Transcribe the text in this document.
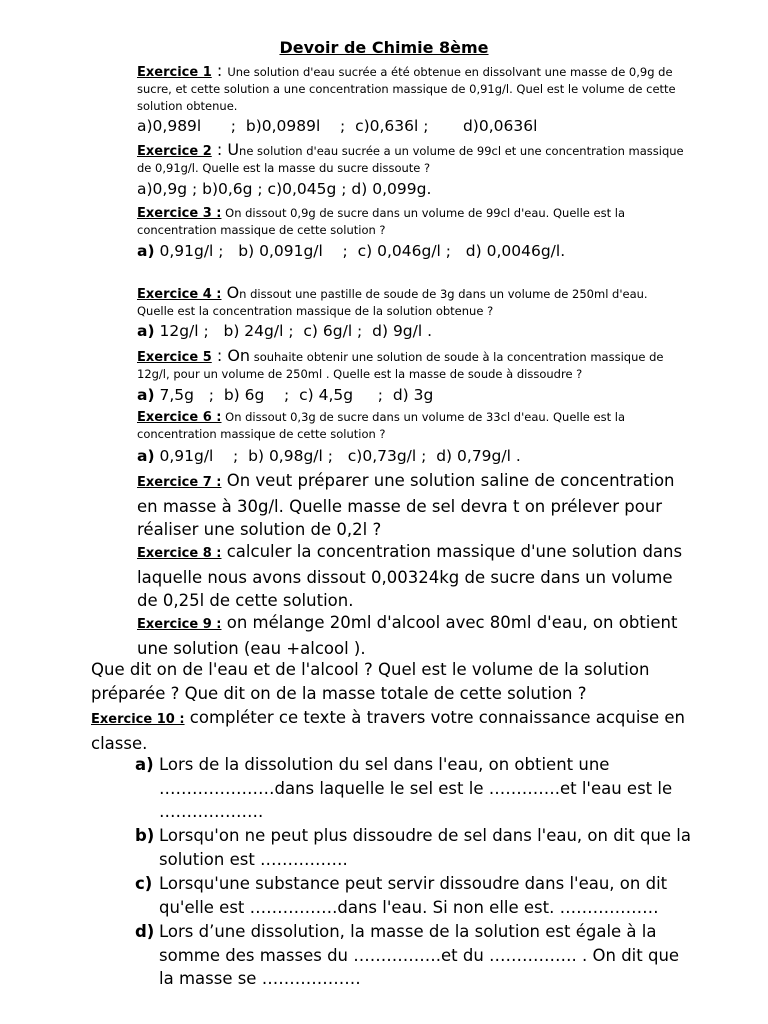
Devoir de Chimie 8ème
Exercice 1 : Une solution d'eau sucrée a été obtenue en dissolvant une masse de 0,9g de sucre, et cette solution a une concentration massique de 0,91g/l. Quel est le volume de cette solution obtenue.
a)0,989l      ;  b)0,0989l    ;  c)0,636l ;       d)0,0636l
Exercice 2 : Une solution d'eau sucrée a un volume de 99cl et une concentration massique de 0,91g/l. Quelle est la masse du sucre dissoute ?
a)0,9g ; b)0,6g ; c)0,045g ; d) 0,099g.
Exercice 3 : On dissout 0,9g de sucre dans un volume de 99cl d'eau. Quelle est la concentration massique de cette solution ?
a) 0,91g/l ;   b) 0,091g/l    ;  c) 0,046g/l ;   d) 0,0046g/l.
Exercice 4 : On dissout une pastille de soude de 3g dans un volume de 250ml d'eau. Quelle est la concentration massique de la solution obtenue ?
a) 12g/l ;   b) 24g/l ;  c) 6g/l ;  d) 9g/l .
Exercice 5 : On souhaite obtenir une solution de soude à la concentration massique de 12g/l, pour un volume de 250ml . Quelle est la masse de soude à dissoudre ?
a) 7,5g   ;  b) 6g    ;  c) 4,5g     ;  d) 3g
Exercice 6 : On dissout 0,3g de sucre dans un volume de 33cl d'eau. Quelle est la concentration massique de cette solution ?
a) 0,91g/l    ;  b) 0,98g/l ;   c)0,73g/l ;  d) 0,79g/l .
Exercice 7 : On veut préparer une solution saline de concentration en masse à 30g/l. Quelle masse de sel devra t on prélever pour réaliser une solution de 0,2l ?
Exercice 8 : calculer la concentration massique d'une solution dans laquelle nous avons dissout 0,00324kg de sucre dans un volume de 0,25l de cette solution.
Exercice 9 : on mélange 20ml d'alcool avec 80ml d'eau, on obtient une solution (eau +alcool ).
Que dit on de l'eau et de l'alcool ? Quel est le volume de la solution préparée ? Que dit on de la masse totale de cette solution ?
Exercice 10 : compléter ce texte à travers votre connaissance acquise en classe.
a) Lors de la dissolution du sel dans l'eau, on obtient une …………………dans laquelle le sel est le ………….et l'eau est le ……………….
b) Lorsqu'on ne peut plus dissoudre de sel dans l'eau, on dit que la solution est …………….
c) Lorsqu'une substance peut servir dissoudre dans l'eau, on dit qu'elle est …………….dans l'eau. Si non elle est. ………………
d) Lors d’une dissolution, la masse de la solution est égale à la somme des masses du …………….et du ……………. . On dit que la masse se ………………
